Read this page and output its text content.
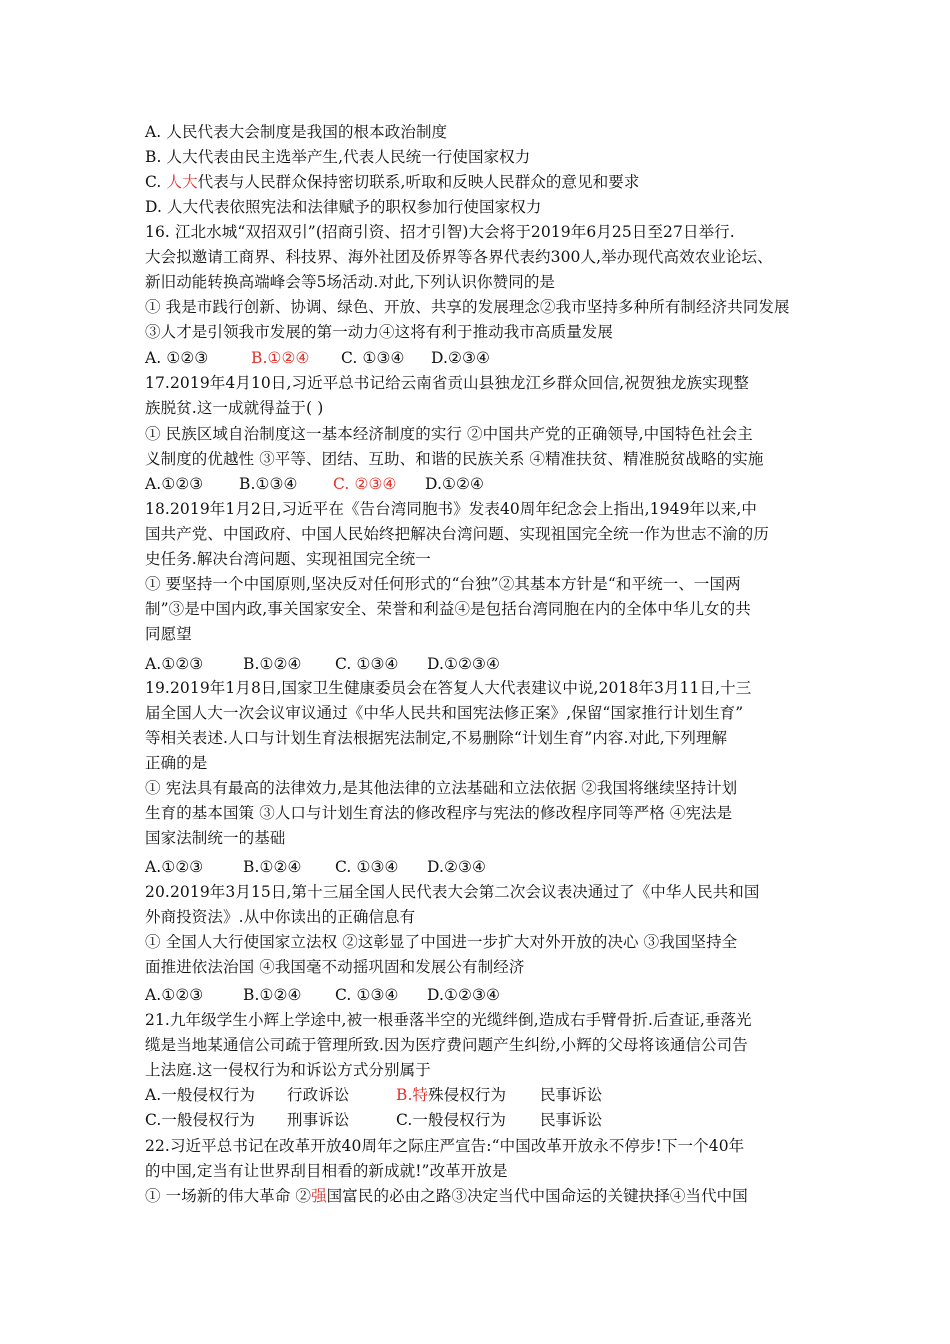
A. 人民代表大会制度是我国的根本政治制度
B. 人大代表由民主选举产生,代表人民统一行使国家权力
C. 人大代表与人民群众保持密切联系,听取和反映人民群众的意见和要求
D. 人大代表依照宪法和法律赋予的职权参加行使国家权力
16. 江北水城“双招双引”(招商引资、招才引智)大会将于2019年6月25日至27日举行.
大会拟邀请工商界、科技界、海外社团及侨界等各界代表约300人,举办现代高效农业论坛、
新旧动能转换高端峰会等5场活动.对此,下列认识你赞同的是
① 我是市践行创新、协调、绿色、开放、共享的发展理念②我市坚持多种所有制经济共同发展
③人才是引领我市发展的第一动力④这将有利于推动我市高质量发展
A. ①②③	B.①②④ C. ①③④ D.②③④
17.2019年4月10日,习近平总书记给云南省贡山县独龙江乡群众回信,祝贺独龙族实现整
族脱贫.这一成就得益于( )
① 民族区域自治制度这一基本经济制度的实行 ②中国共产党的正确领导,中国特色社会主
义制度的优越性 ③平等、团结、互助、和谐的民族关系 ④精准扶贫、精准脱贫战略的实施
A.①②③ B.①③④ C. ②③④ D.①②④
18.2019年1月2日,习近平在《告台湾同胞书》发表40周年纪念会上指出,1949年以来,中
国共产党、中国政府、中国人民始终把解决台湾问题、实现祖国完全统一作为世志不渝的历
史任务.解决台湾问题、实现祖国完全统一
① 要坚持一个中国原则,坚决反对任何形式的“台独”②其基本方针是“和平统一、一国两
制”③是中国内政,事关国家安全、荣誉和利益④是包括台湾同胞在内的全体中华儿女的共
同愿望
A.①②③	B.①②④ C. ①③④ D.①②③④
19.2019年1月8日,国家卫生健康委员会在答复人大代表建议中说,2018年3月11日,十三
届全国人大一次会议审议通过《中华人民共和国宪法修正案》,保留“国家推行计划生育”
等相关表述.人口与计划生育法根据宪法制定,不易删除“计划生育”内容.对此,下列理解
正确的是
① 宪法具有最高的法律效力,是其他法律的立法基础和立法依据 ②我国将继续坚持计划
生育的基本国策 ③人口与计划生育法的修改程序与宪法的修改程序同等严格 ④宪法是
国家法制统一的基础
A.①②③	B.①②④ C. ①③④ D.②③④
20.2019年3月15日,第十三届全国人民代表大会第二次会议表决通过了《中华人民共和国
外商投资法》.从中你读出的正确信息有
① 全国人大行使国家立法权 ②这彰显了中国进一步扩大对外开放的决心 ③我国坚持全
面推进依法治国 ④我国毫不动摇巩固和发展公有制经济
A.①②③	B.①②④ C. ①③④ D.①②③④
21.九年级学生小辉上学途中,被一根垂落半空的光缆绊倒,造成右手臂骨折.后查证,垂落光
缆是当地某通信公司疏于管理所致.因为医疗费问题产生纠纷,小辉的父母将该通信公司告
上法庭.这一侵权行为和诉讼方式分别属于
A.一般侵权行为 行政诉讼	B.特殊侵权行为 民事诉讼
C.一般侵权行为 刑事诉讼	C.一般侵权行为 民事诉讼
22.习近平总书记在改革开放40周年之际庄严宣告:“中国改革开放永不停步!下一个40年
的中国,定当有让世界刮目相看的新成就!”改革开放是
① 一场新的伟大革命 ②强国富民的必由之路③决定当代中国命运的关键抉择④当代中国
